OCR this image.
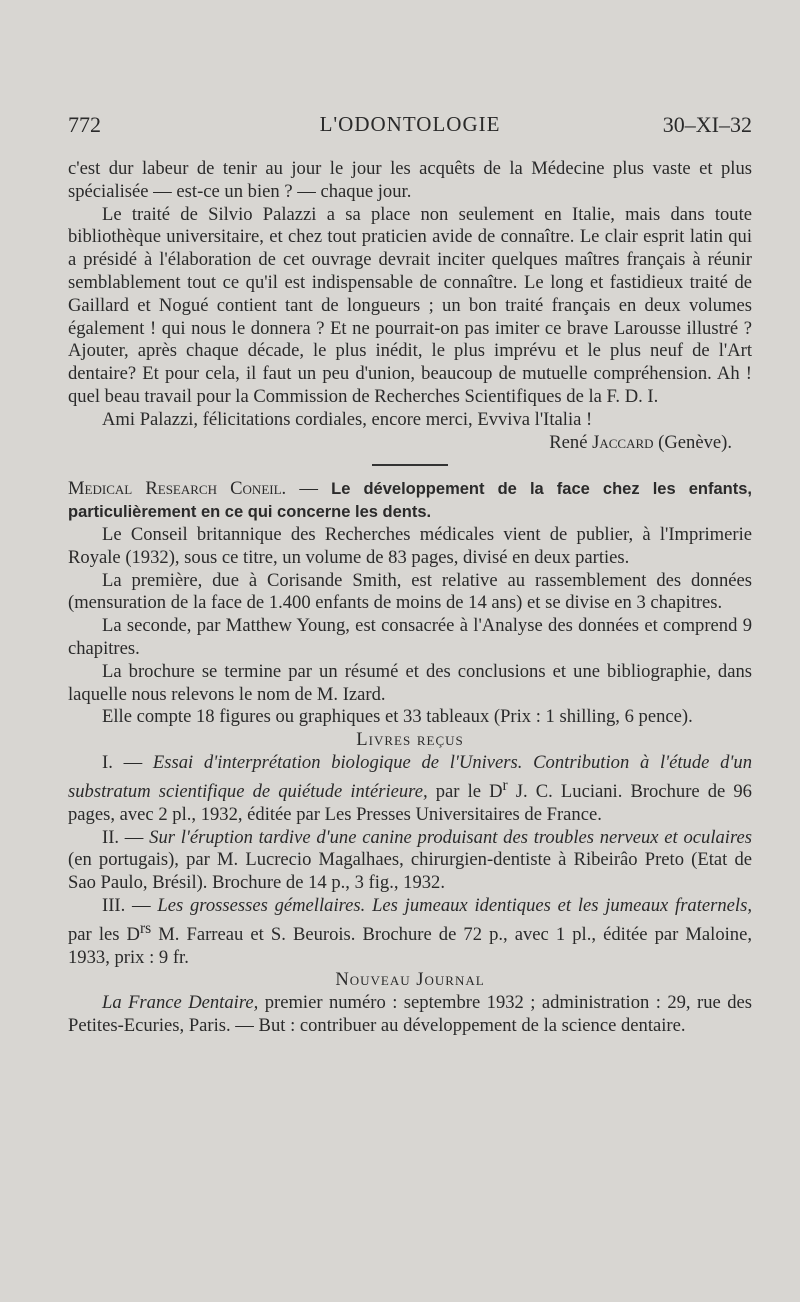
772	L'ODONTOLOGIE	30–XI–32

c'est dur labeur de tenir au jour le jour les acquêts de la Médecine plus vaste et plus spécialisée — est-ce un bien ? — chaque jour.

Le traité de Silvio Palazzi a sa place non seulement en Italie, mais dans toute bibliothèque universitaire, et chez tout praticien avide de connaître. Le clair esprit latin qui a présidé à l'élaboration de cet ouvrage devrait inciter quelques maîtres français à réunir semblablement tout ce qu'il est indispensable de connaître. Le long et fastidieux traité de Gaillard et Nogué contient tant de longueurs ; un bon traité français en deux volumes également ! qui nous le donnera ? Et ne pourrait-on pas imiter ce brave Larousse illustré ? Ajouter, après chaque décade, le plus inédit, le plus imprévu et le plus neuf de l'Art dentaire? Et pour cela, il faut un peu d'union, beaucoup de mutuelle compréhension. Ah ! quel beau travail pour la Commission de Recherches Scientifiques de la F. D. I.

Ami Palazzi, félicitations cordiales, encore merci, Evviva l'Italia !

René Jaccard (Genève).

Medical Research Coneil. — Le développement de la face chez les enfants, particulièrement en ce qui concerne les dents.

Le Conseil britannique des Recherches médicales vient de publier, à l'Imprimerie Royale (1932), sous ce titre, un volume de 83 pages, divisé en deux parties.

La première, due à Corisande Smith, est relative au rassemblement des données (mensuration de la face de 1.400 enfants de moins de 14 ans) et se divise en 3 chapitres.

La seconde, par Matthew Young, est consacrée à l'Analyse des données et comprend 9 chapitres.

La brochure se termine par un résumé et des conclusions et une bibliographie, dans laquelle nous relevons le nom de M. Izard.

Elle compte 18 figures ou graphiques et 33 tableaux (Prix : 1 shilling, 6 pence).

Livres reçus

I. — Essai d'interprétation biologique de l'Univers. Contribution à l'étude d'un substratum scientifique de quiétude intérieure, par le $D^r$ J. C. Luciani. Brochure de 96 pages, avec 2 pl., 1932, éditée par Les Presses Universitaires de France.

II. — Sur l'éruption tardive d'une canine produisant des troubles nerveux et oculaires (en portugais), par M. Lucrecio Magalhaes, chirurgien-dentiste à Ribeirâo Preto (Etat de Sao Paulo, Brésil). Brochure de 14 p., 3 fig., 1932.

III. — Les grossesses gémellaires. Les jumeaux identiques et les jumeaux fraternels, par les $D^{rs}$ M. Farreau et S. Beurois. Brochure de 72 p., avec 1 pl., éditée par Maloine, 1933, prix : 9 fr.

Nouveau Journal

La France Dentaire, premier numéro : septembre 1932 ; administration : 29, rue des Petites-Ecuries, Paris. — But : contribuer au développement de la science dentaire.
